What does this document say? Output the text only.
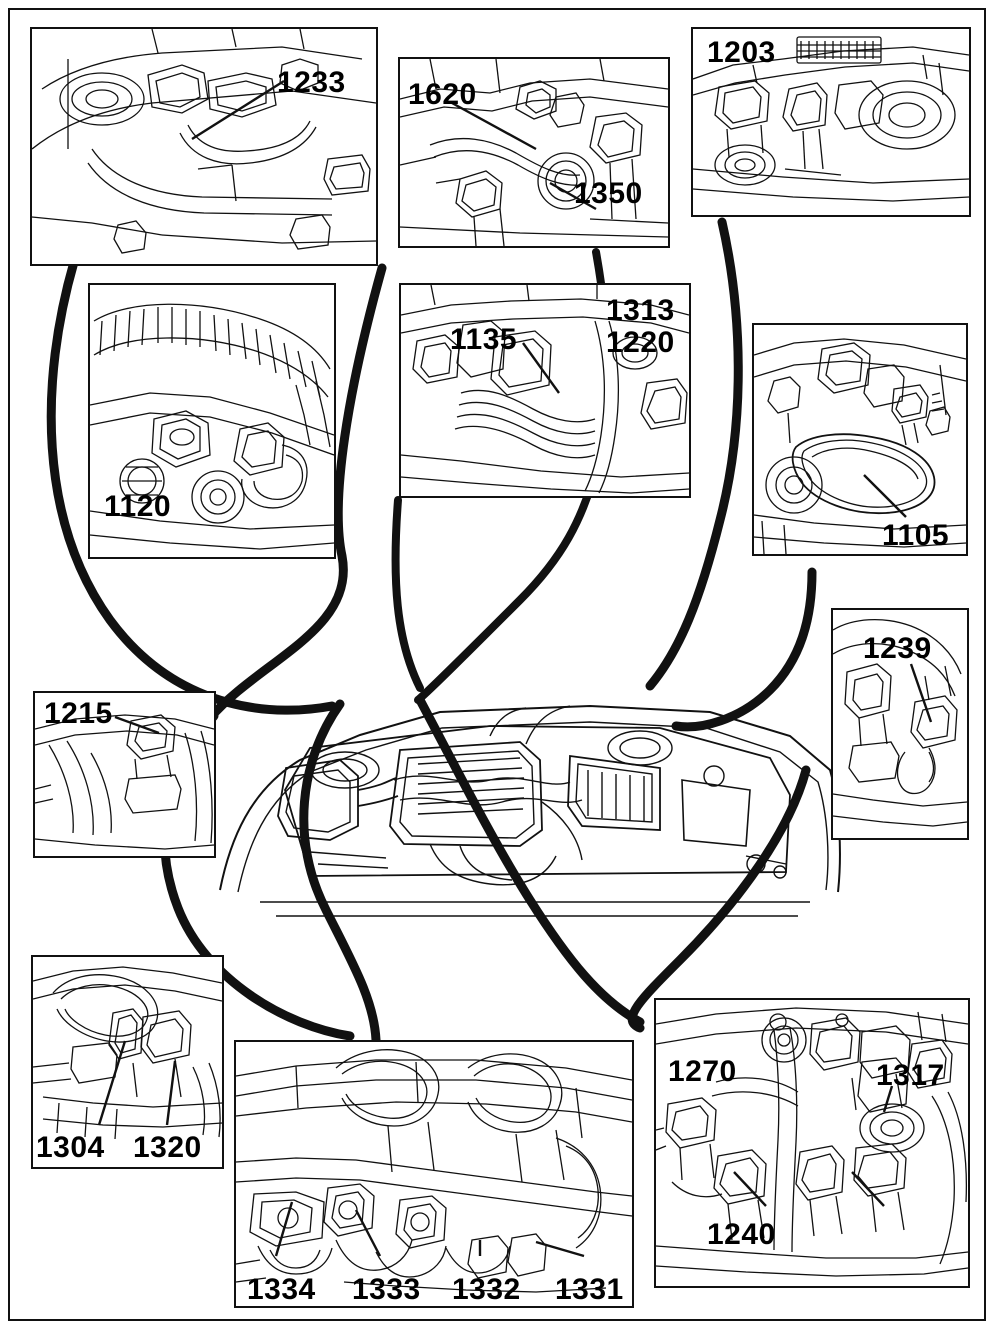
1233 1620
1350
1203
1120
1135
1313
1220
1105
1239
1215
1304 1320
1334 1333 1332 1331
1270	1317
1240
